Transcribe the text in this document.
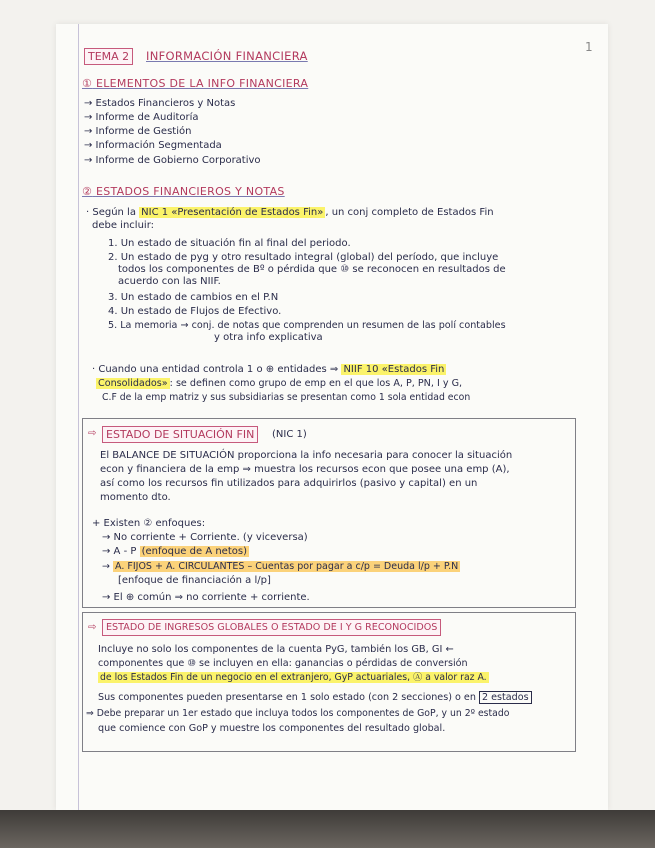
1
TEMA 2	INFORMACIÓN FINANCIERA
① ELEMENTOS DE LA INFO FINANCIERA
→ Estados Financieros y Notas
→ Informe de Auditoría
→ Informe de Gestión
→ Información Segmentada
→ Informe de Gobierno Corporativo
② ESTADOS FINANCIEROS Y NOTAS
· Según la NIC 1 «Presentación de Estados Fin» , un conj completo de Estados Fin
debe incluir:
1. Un estado de situación fin al final del periodo.
2. Un estado de pyg y otro resultado integral (global) del período, que incluye
todos los componentes de Bº o pérdida que ⑩ se reconocen en resultados de
acuerdo con las NIIF.
3. Un estado de cambios en el P.N
4. Un estado de Flujos de Efectivo.
5. La memoria → conj. de notas que comprenden un resumen de las polí contables
y otra info explicativa
· Cuando una entidad controla 1 o ⊕ entidades ⇒ NIIF 10 «Estados Fin
Consolidados» : se definen como grupo de emp en el que los A, P, PN, I y G,
C.F de la emp matriz y sus subsidiarias se presentan como 1 sola entidad econ
⇨ ESTADO DE SITUACIÓN FIN	(NIC 1)
El BALANCE DE SITUACIÓN proporciona la info necesaria para conocer la situación
econ y financiera de la emp ⇒ muestra los recursos econ que posee una emp (A),
así como los recursos fin utilizados para adquirirlos (pasivo y capital) en un
momento dto.
+ Existen ② enfoques:
→ No corriente + Corriente. (y viceversa)
→ A - P (enfoque de A netos)
→ A. FIJOS + A. CIRCULANTES – Cuentas por pagar a c/p = Deuda l/p + P.N
[enfoque de financiación a l/p]
→ El ⊕ común ⇒ no corriente + corriente.
⇨	ESTADO DE INGRESOS GLOBALES O ESTADO DE I Y G RECONOCIDOS
Incluye no solo los componentes de la cuenta PyG, también los GB, GI ←
componentes que ⑩ se incluyen en ella: ganancias o pérdidas de conversión
de los Estados Fin de un negocio en el extranjero, GyP actuariales, Ⓐ a valor raz A.
Sus componentes pueden presentarse en 1 solo estado (con 2 secciones) o en 2 estados
⇒ Debe preparar un 1er estado que incluya todos los componentes de GoP, y un 2º estado
que comience con GoP y muestre los componentes del resultado global.
